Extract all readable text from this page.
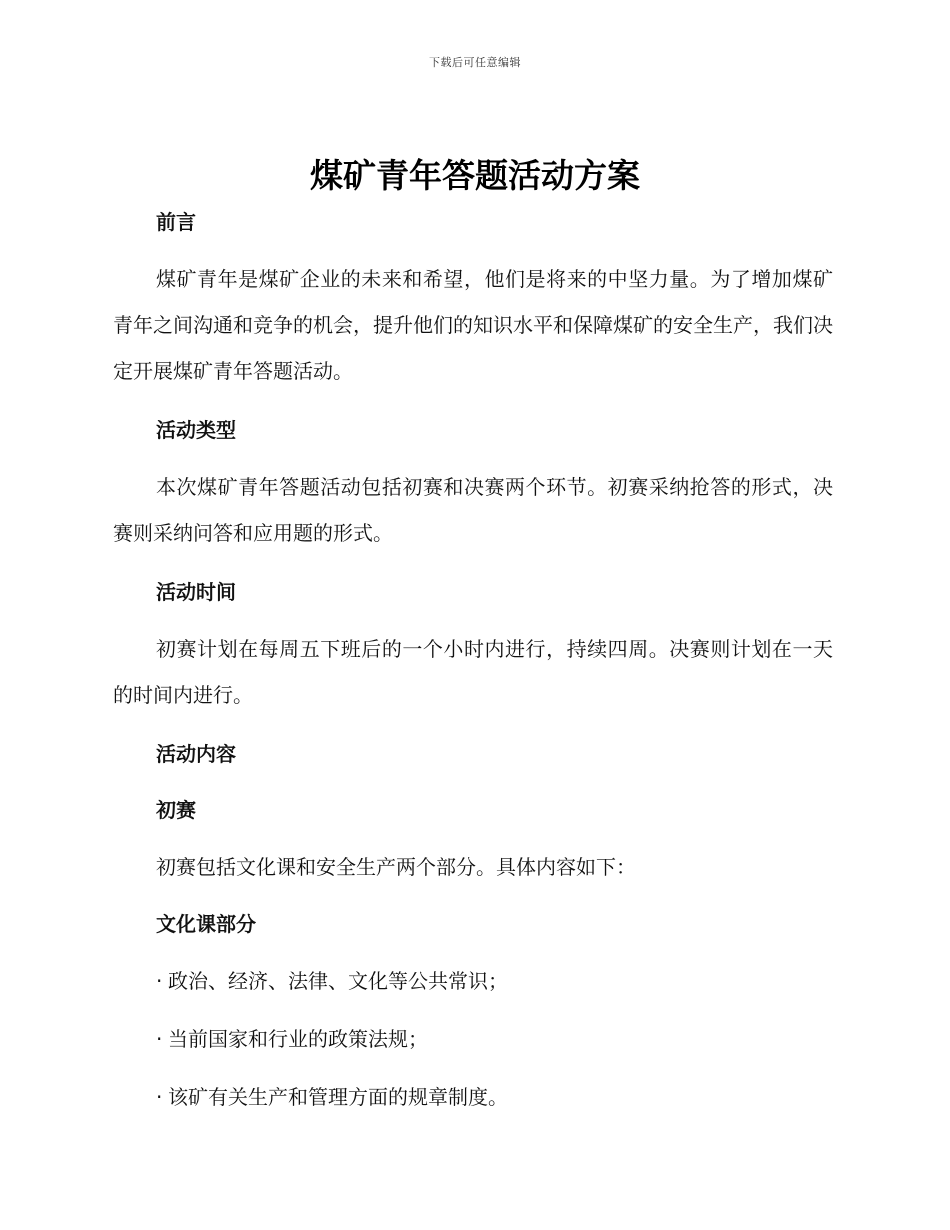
下载后可任意编辑
煤矿青年答题活动方案

前言

煤矿青年是煤矿企业的未来和希望，他们是将来的中坚力量。为了增加煤矿青年之间沟通和竞争的机会，提升他们的知识水平和保障煤矿的安全生产，我们决定开展煤矿青年答题活动。

活动类型

本次煤矿青年答题活动包括初赛和决赛两个环节。初赛采纳抢答的形式，决赛则采纳问答和应用题的形式。

活动时间

初赛计划在每周五下班后的一个小时内进行，持续四周。决赛则计划在一天的时间内进行。

活动内容

初赛

初赛包括文化课和安全生产两个部分。具体内容如下：

文化课部分

· 政治、经济、法律、文化等公共常识；

· 当前国家和行业的政策法规；

· 该矿有关生产和管理方面的规章制度。
